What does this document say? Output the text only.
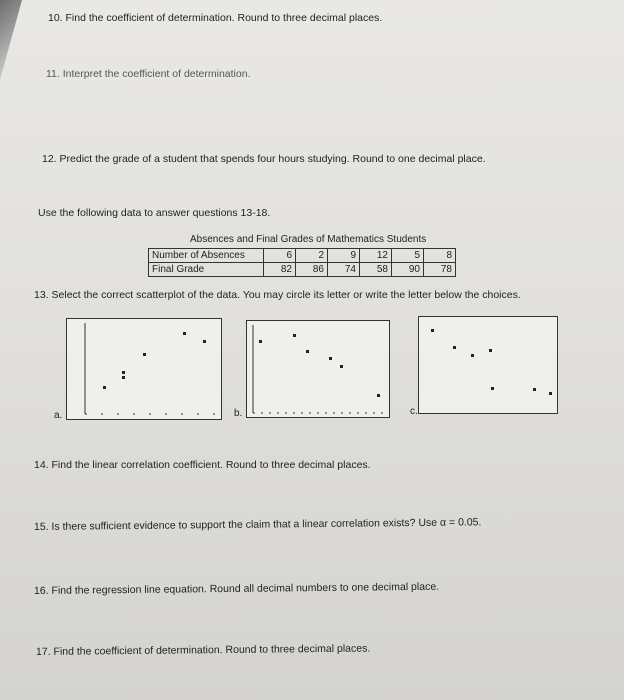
10. Find the coefficient of determination. Round to three decimal places.
11. Interpret the coefficient of determination.
12. Predict the grade of a student that spends four hours studying. Round to one decimal place.
Use the following data to answer questions 13-18.
Absences and Final Grades of Mathematics Students
Number of Absences	6	2	9	12	5	8
Final Grade	82	86	74	58	90	78
13. Select the correct scatterplot of the data. You may circle its letter or write the letter below the choices.
a.	b.	c.
14. Find the linear correlation coefficient. Round to three decimal places.
15. Is there sufficient evidence to support the claim that a linear correlation exists? Use α = 0.05.
16. Find the regression line equation. Round all decimal numbers to one decimal place.
17. Find the coefficient of determination. Round to three decimal places.
